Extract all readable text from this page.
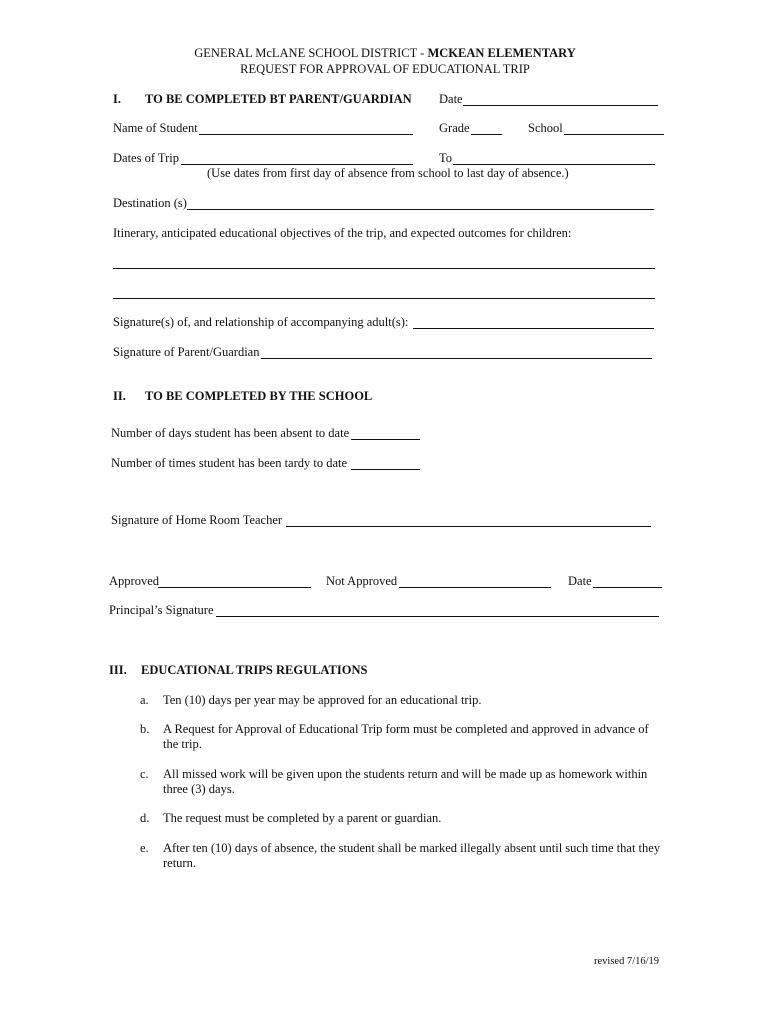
GENERAL McLANE SCHOOL DISTRICT - MCKEAN ELEMENTARY
REQUEST FOR APPROVAL OF EDUCATIONAL TRIP
I. TO BE COMPLETED BT PARENT/GUARDIAN Date
Name of Student	Grade	School
Dates of Trip	To
(Use dates from first day of absence from school to last day of absence.)
Destination (s)
Itinerary, anticipated educational objectives of the trip, and expected outcomes for children:
Signature(s) of, and relationship of accompanying adult(s):
Signature of Parent/Guardian
II. TO BE COMPLETED BY THE SCHOOL
Number of days student has been absent to date
Number of times student has been tardy to date
Signature of Home Room Teacher
Approved	Not Approved	Date
Principal’s Signature
III. EDUCATIONAL TRIPS REGULATIONS
a. Ten (10) days per year may be approved for an educational trip.
b. A Request for Approval of Educational Trip form must be completed and approved in advance of the trip.
c. All missed work will be given upon the students return and will be made up as homework within three (3) days.
d. The request must be completed by a parent or guardian.
e. After ten (10) days of absence, the student shall be marked illegally absent until such time that they return.
revised 7/16/19
